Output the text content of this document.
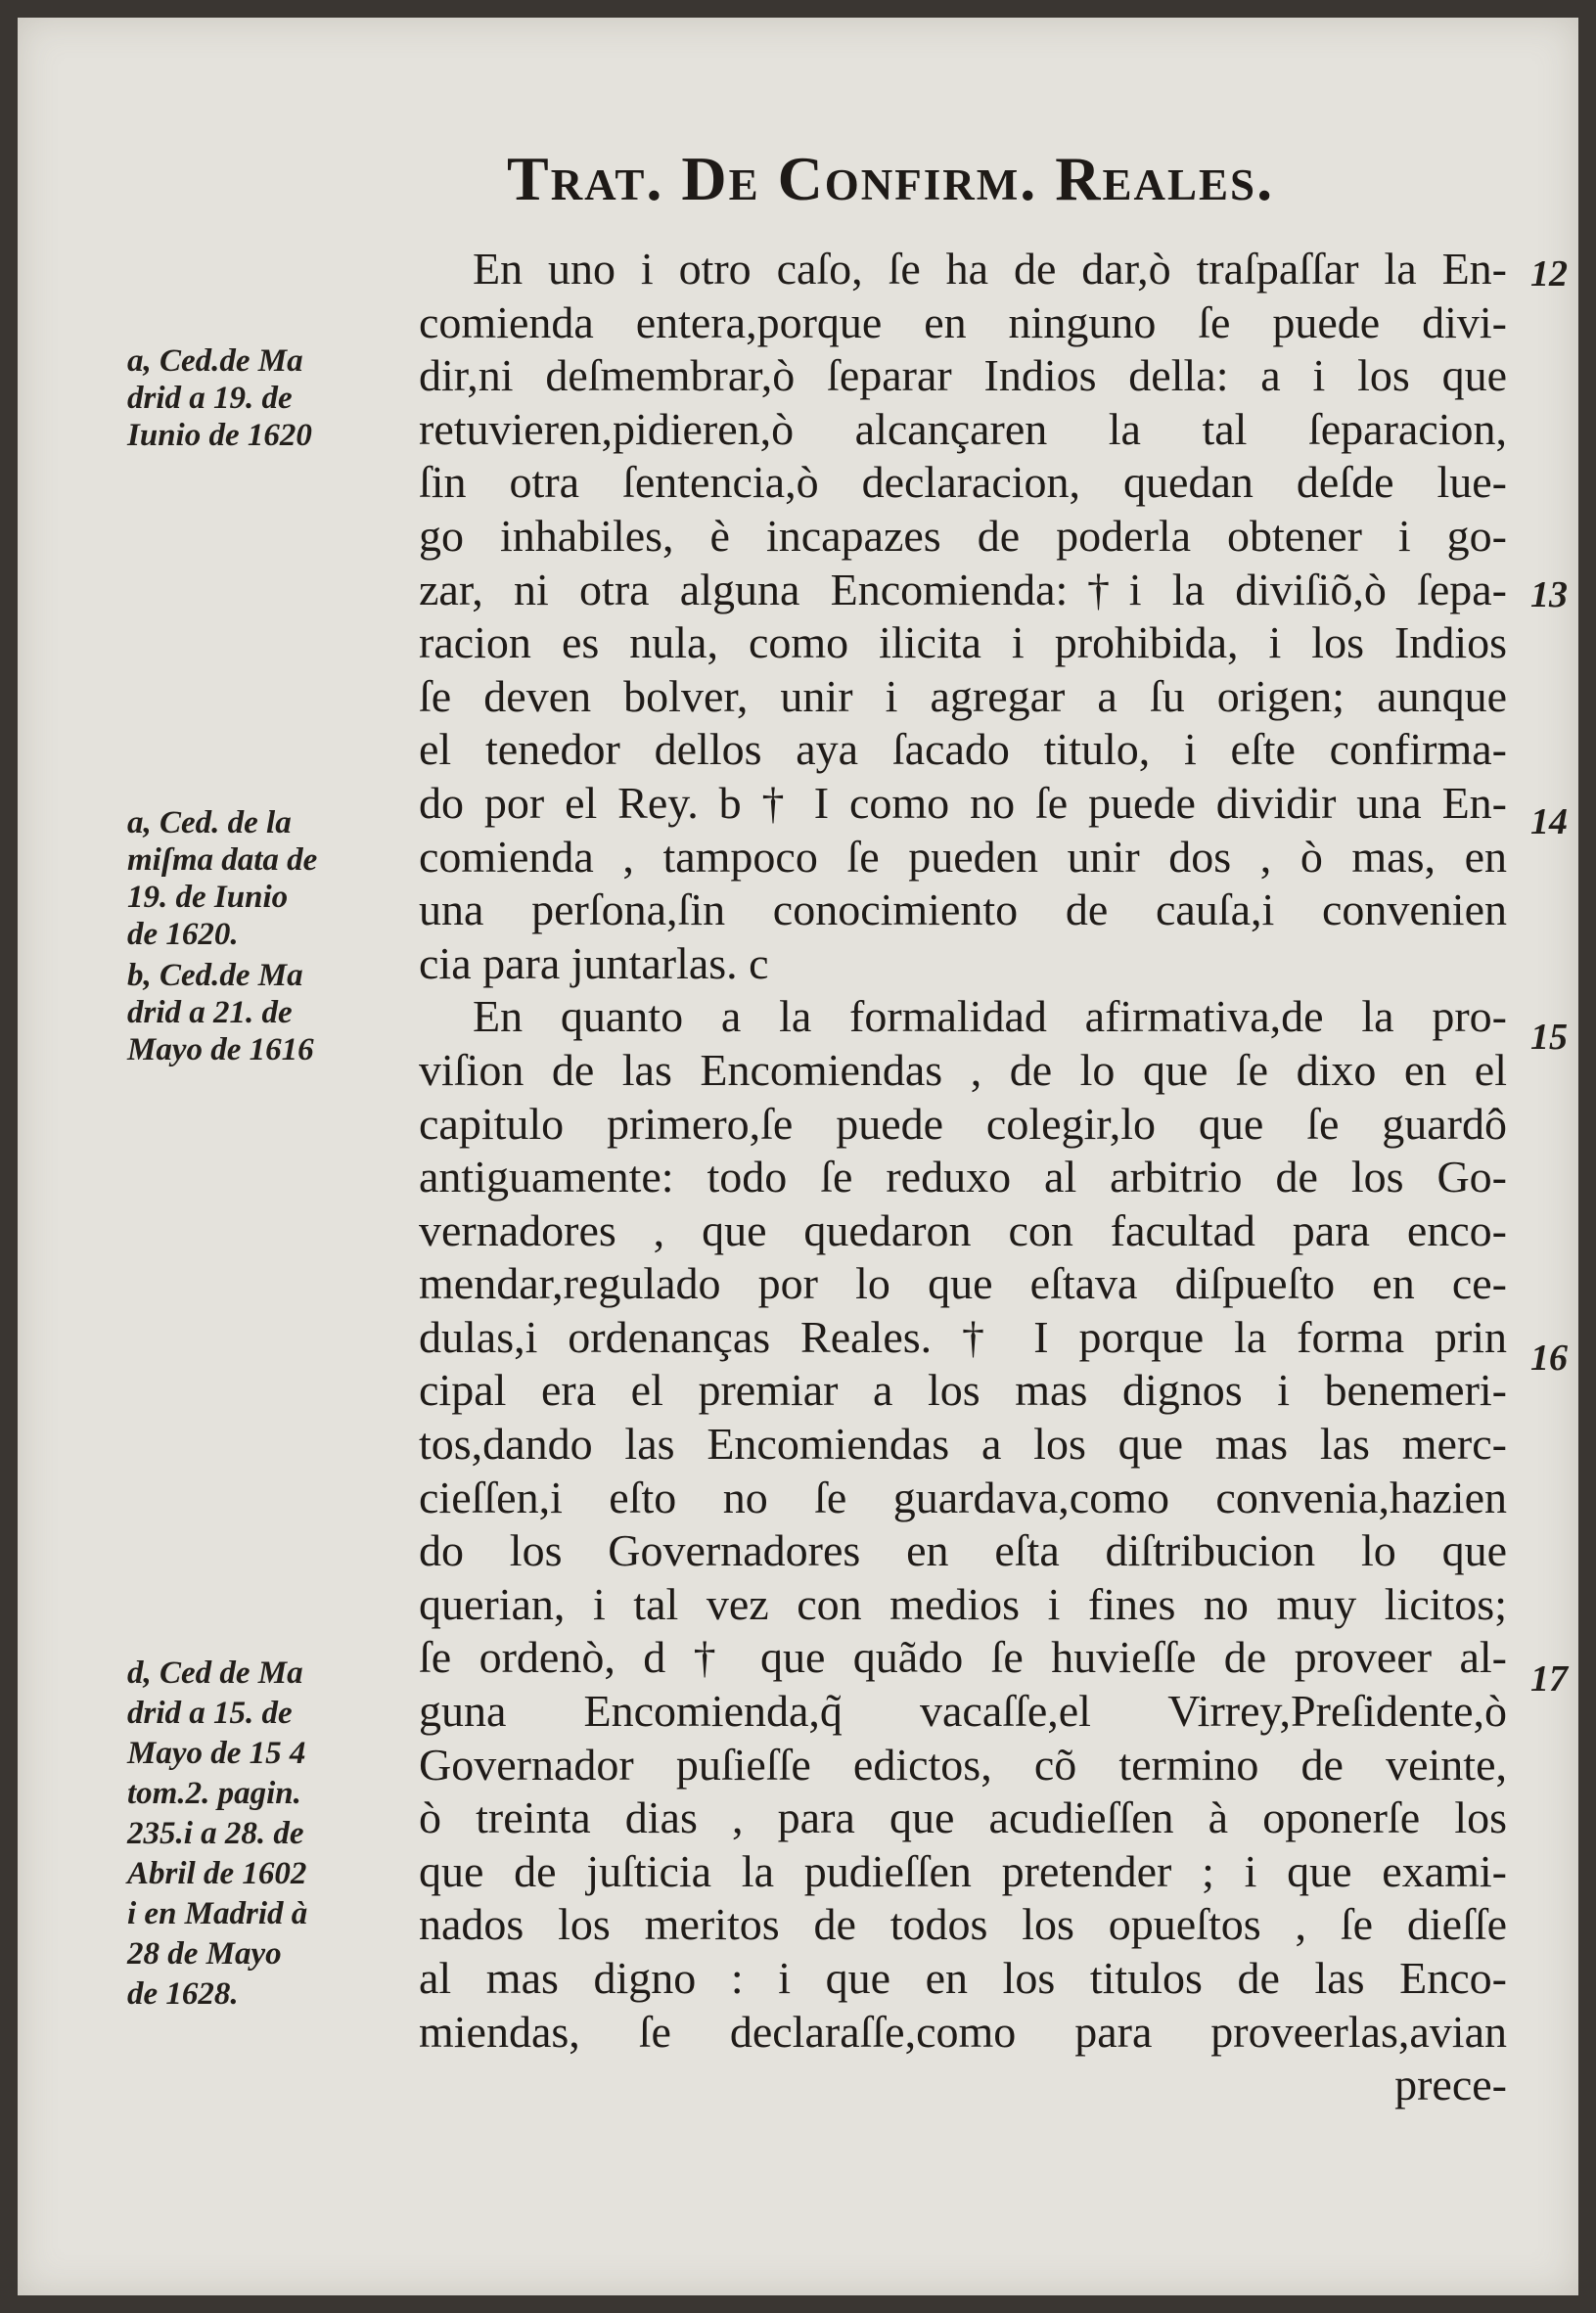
Trat. De Confirm. Reales.
En uno i otro caſo, ſe ha de dar,ò traſpaſſar la En-
comienda entera,porque en ninguno ſe puede divi-
dir,ni deſmembrar,ò ſeparar Indios della: a i los que
retuvieren,pidieren,ò alcançaren la tal ſeparacion,
ſin otra ſentencia,ò declaracion, quedan deſde lue-
go inhabiles, è incapazes de poderla obtener i go-
zar, ni otra alguna Encomienda:†i la diviſiõ,ò ſepa-
racion es nula, como ilicita i prohibida, i los Indios
ſe deven bolver, unir i agregar a ſu origen; aunque
el tenedor dellos aya ſacado titulo, i eſte confirma-
do por el Rey. b † I como no ſe puede dividir una En-
comienda , tampoco ſe pueden unir dos , ò mas, en
una perſona,ſin conocimiento de cauſa,i convenien
cia para juntarlas. c
En quanto a la formalidad afirmativa,de la pro-
viſion de las Encomiendas , de lo que ſe dixo en el
capitulo primero,ſe puede colegir,lo que ſe guardô
antiguamente: todo ſe reduxo al arbitrio de los Go-
vernadores , que quedaron con facultad para enco-
mendar,regulado por lo que eſtava diſpueſto en ce-
dulas,i ordenanças Reales. † I porque la forma prin
cipal era el premiar a los mas dignos i benemeri-
tos,dando las Encomiendas a los que mas las merc-
cieſſen,i eſto no ſe guardava,como convenia,hazien
do los Governadores en eſta diſtribucion lo que
querian, i tal vez con medios i fines no muy licitos;
ſe ordenò, d † que quãdo ſe huvieſſe de proveer al-
guna Encomienda,q̃ vacaſſe,el Virrey,Preſidente,ò
Governador puſieſſe edictos, cõ termino de veinte,
ò treinta dias , para que acudieſſen à oponerſe los
que de juſticia la pudieſſen pretender ; i que exami-
nados los meritos de todos los opueſtos , ſe dieſſe
al mas digno : i que en los titulos de las Enco-
miendas, ſe declaraſſe,como para proveerlas,avian
prece-
a, Ced.de Ma
drid a 19. de
Iunio de 1620
a, Ced. de la
miſma data de
19. de Iunio
de 1620.
b, Ced.de Ma
drid a 21. de
Mayo de 1616
d, Ced de Ma
drid a 15. de
Mayo de 15 4
tom.2. pagin.
235.i a 28. de
Abril de 1602
i en Madrid à
28 de Mayo
de 1628.
12
13
14
15
16
17
